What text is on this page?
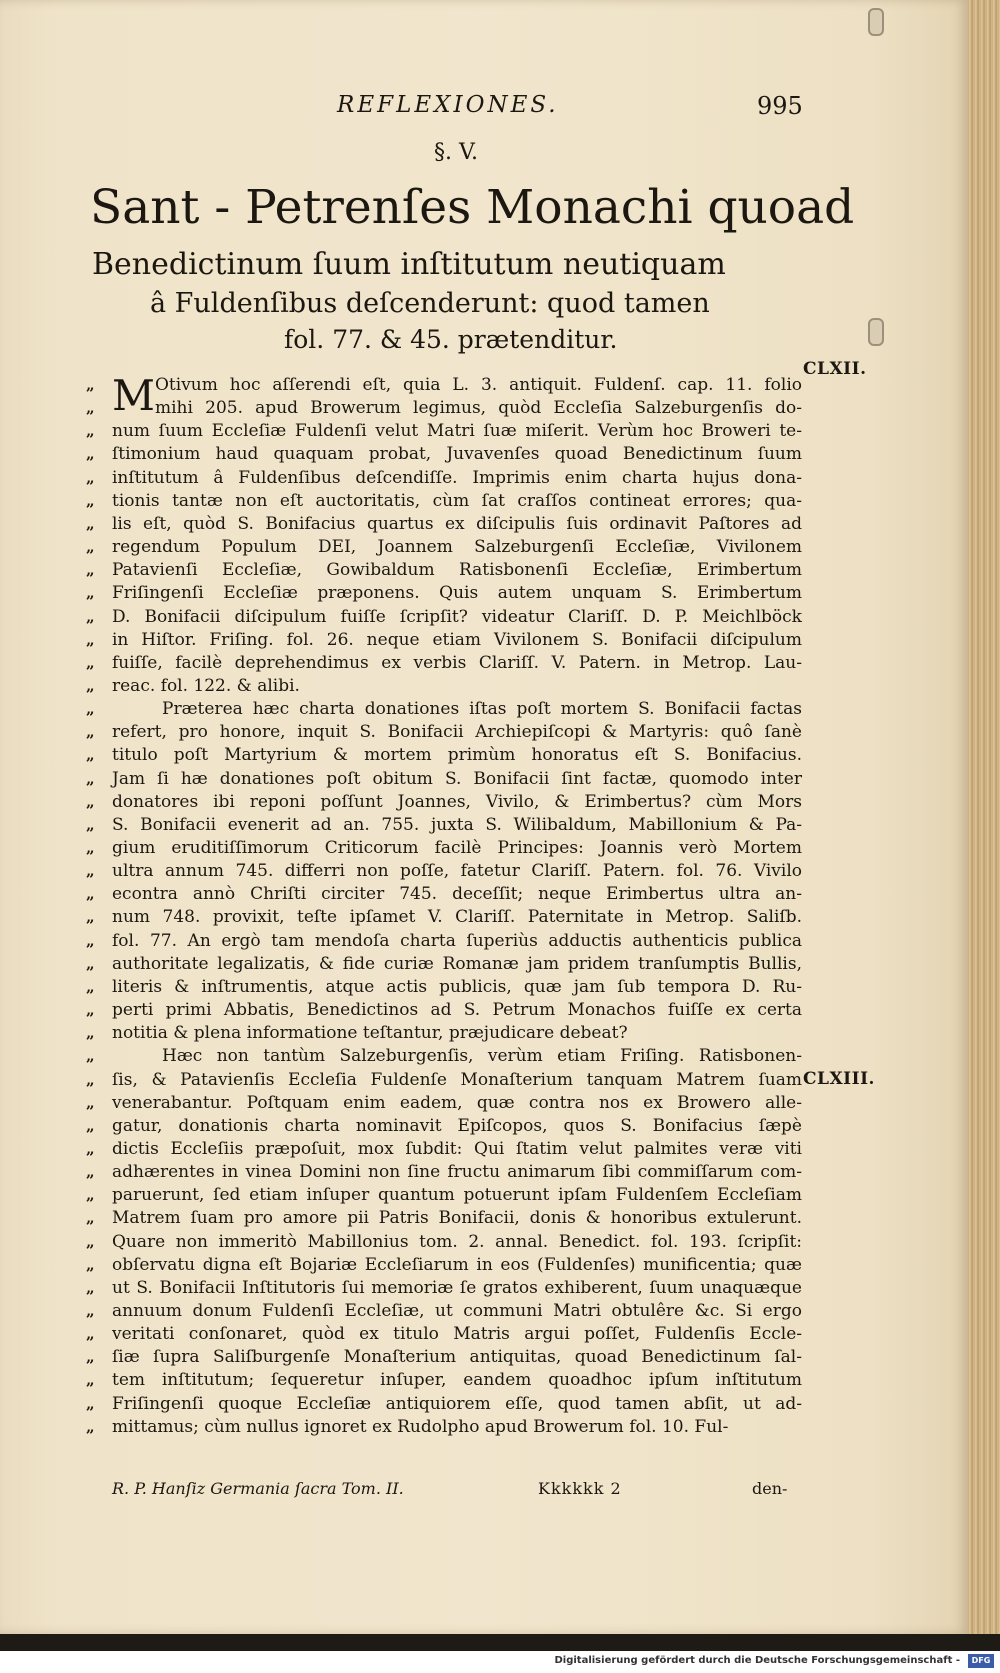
REFLEXIONES.	995
§. V.
Sant - Petrenſes Monachi quoad
Benedictinum ſuum inſtitutum neutiquam
â Fuldenſibus deſcenderunt: quod tamen
fol. 77. & 45. prætenditur.
M Otivum hoc aſſerendi eſt, quia L. 3. antiquit. Fuldenſ. cap. 11. folio
mihi 205. apud Browerum legimus, quòd Eccleſia Salzeburgenſis do-
num ſuum Eccleſiæ Fuldenſi velut Matri ſuæ miſerit. Verùm hoc Broweri te-
ſtimonium haud quaquam probat, Juvavenſes quoad Benedictinum ſuum
inſtitutum â Fuldenſibus deſcendiſſe. Imprimis enim charta hujus dona-
tionis tantæ non eſt auctoritatis, cùm ſat craſſos contineat errores; qua-
lis eſt, quòd S. Bonifacius quartus ex diſcipulis ſuis ordinavit Paſtores ad
regendum Populum DEI, Joannem Salzeburgenſi Eccleſiæ, Vivilonem
Patavienſi Eccleſiæ, Gowibaldum Ratisbonenſi Eccleſiæ, Erimbertum
Friſingenſi Eccleſiæ præponens. Quis autem unquam S. Erimbertum
D. Bonifacii diſcipulum fuiſſe ſcripſit? videatur Clariſſ. D. P. Meichlböck
in Hiſtor. Friſing. fol. 26. neque etiam Vivilonem S. Bonifacii diſcipulum
fuiſſe, facilè deprehendimus ex verbis Clariſſ. V. Patern. in Metrop. Lau-
reac. fol. 122. & alibi.
Præterea hæc charta donationes iſtas poſt mortem S. Bonifacii factas
refert, pro honore, inquit S. Bonifacii Archiepiſcopi & Martyris: quô ſanè
titulo poſt Martyrium & mortem primùm honoratus eſt S. Bonifacius.
Jam ſi hæ donationes poſt obitum S. Bonifacii ſint factæ, quomodo inter
donatores ibi reponi poſſunt Joannes, Vivilo, & Erimbertus? cùm Mors
S. Bonifacii evenerit ad an. 755. juxta S. Wilibaldum, Mabillonium & Pa-
gium eruditiſſimorum Criticorum facilè Principes: Joannis verò Mortem
ultra annum 745. differri non poſſe, fatetur Clariſſ. Patern. fol. 76. Vivilo
econtra annò Chriſti circiter 745. deceſſit; neque Erimbertus ultra an-
num 748. provixit, teſte ipſamet V. Clariſſ. Paternitate in Metrop. Saliſb.
fol. 77. An ergò tam mendoſa charta ſuperiùs adductis authenticis publica
authoritate legalizatis, & fide curiæ Romanæ jam pridem tranſumptis Bullis,
literis & inſtrumentis, atque actis publicis, quæ jam ſub tempora D. Ru-
perti primi Abbatis, Benedictinos ad S. Petrum Monachos fuiſſe ex certa
notitia & plena informatione teſtantur, præjudicare debeat?
Hæc non tantùm Salzeburgenſis, verùm etiam Friſing. Ratisbonen-
ſis, & Patavienſis Eccleſia Fuldenſe Monaſterium tanquam Matrem ſuam
venerabantur. Poſtquam enim eadem, quæ contra nos ex Browero alle-
gatur, donationis charta nominavit Epiſcopos, quos S. Bonifacius ſæpè
dictis Eccleſiis præpoſuit, mox ſubdit: Qui ſtatim velut palmites veræ viti
adhærentes in vinea Domini non ſine fructu animarum ſibi commiſſarum com-
paruerunt, ſed etiam inſuper quantum potuerunt ipſam Fuldenſem Eccleſiam
Matrem ſuam pro amore pii Patris Bonifacii, donis & honoribus extulerunt.
Quare non immeritò Mabillonius tom. 2. annal. Benedict. fol. 193. ſcripſit:
obſervatu digna eſt Bojariæ Eccleſiarum in eos (Fuldenſes) munificentia; quæ
ut S. Bonifacii Inſtitutoris ſui memoriæ ſe gratos exhiberent, ſuum unaquæque
annuum donum Fuldenſi Eccleſiæ, ut communi Matri obtulêre &c. Si ergo
veritati conſonaret, quòd ex titulo Matris argui poſſet, Fuldenſis Eccle-
ſiæ ſupra Saliſburgenſe Monaſterium antiquitas, quoad Benedictinum ſal-
tem inſtitutum; ſequeretur inſuper, eandem quoadhoc ipſum inſtitutum
Friſingenſi quoque Eccleſiæ antiquiorem eſſe, quod tamen abſit, ut ad-
mittamus; cùm nullus ignoret ex Rudolpho apud Browerum fol. 10. Ful-
„
„
„
„
„
„
„
„
„
„
„
„
„
„
„
„
„
„
„
„
„
„
„
„
„
„
„
„
„
„
„
„
„
„
„
„
„
„
„
„
„
„
„
„
„
„
CLXII.
CLXIII.
R. P. Hanſiz Germania ſacra Tom. II.	Kkkkkk 2	den-
Digitalisierung gefördert durch die Deutsche Forschungsgemeinschaft -	DFG
